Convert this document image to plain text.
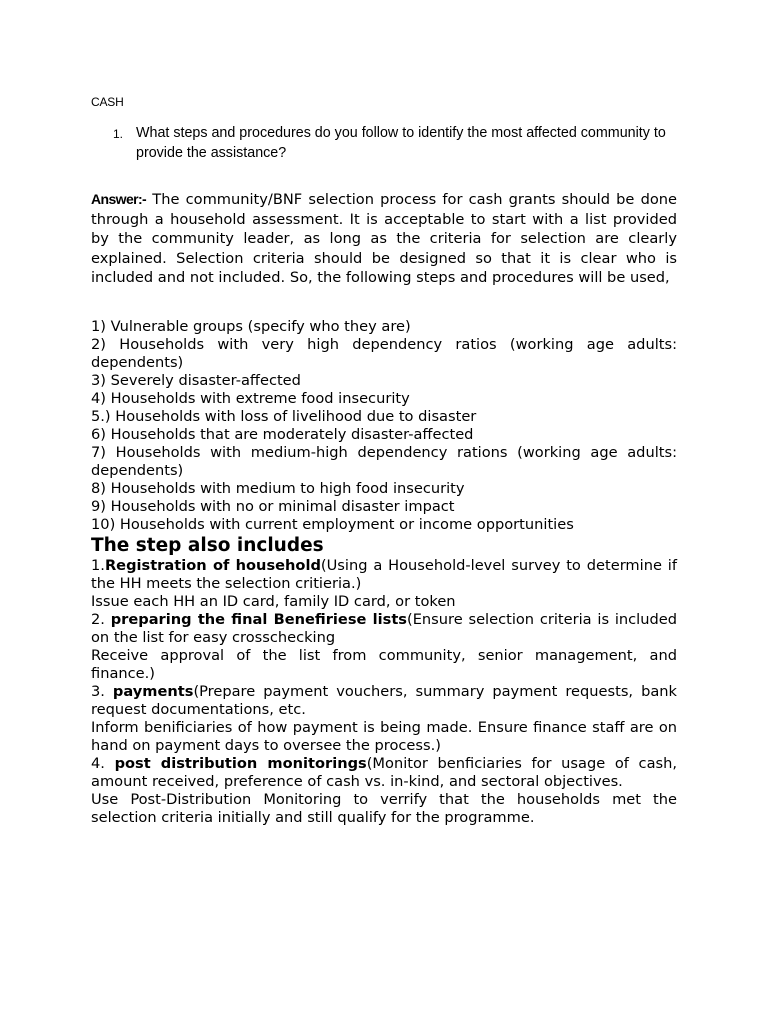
CASH
1. What steps and procedures do you follow to identify the most affected community to provide the assistance?
Answer:- The community/BNF selection process for cash grants should be done through a household assessment. It is acceptable to start with a list provided by the community leader, as long as the criteria for selection are clearly explained. Selection criteria should be designed so that it is clear who is included and not included. So, the following steps and procedures will be used,
1) Vulnerable groups (specify who they are)
2) Households with very high dependency ratios (working age adults: dependents)
3) Severely disaster-affected
4) Households with extreme food insecurity
5.) Households with loss of livelihood due to disaster
6) Households that are moderately disaster-affected
7) Households with medium-high dependency rations (working age adults: dependents)
8) Households with medium to high food insecurity
9) Households with no or minimal disaster impact
10) Households with current employment or income opportunities
The step also includes

1.Registration of household(Using a Household-level survey to determine if the HH meets the selection critieria.)

Issue each HH an ID card, family ID card, or token

2. preparing the final Benefiriese lists(Ensure selection criteria is included on the list for easy crosschecking

Receive approval of the list from community, senior management, and finance.)

3. payments(Prepare payment vouchers, summary payment requests, bank request documentations, etc.

Inform benificiaries of how payment is being made. Ensure finance staff are on hand on payment days to oversee the process.)

4. post distribution monitorings(Monitor benficiaries for usage of cash, amount received, preference of cash vs. in-kind, and sectoral objectives.

Use Post-Distribution Monitoring to verrify that the households met the selection criteria initially and still qualify for the programme.
